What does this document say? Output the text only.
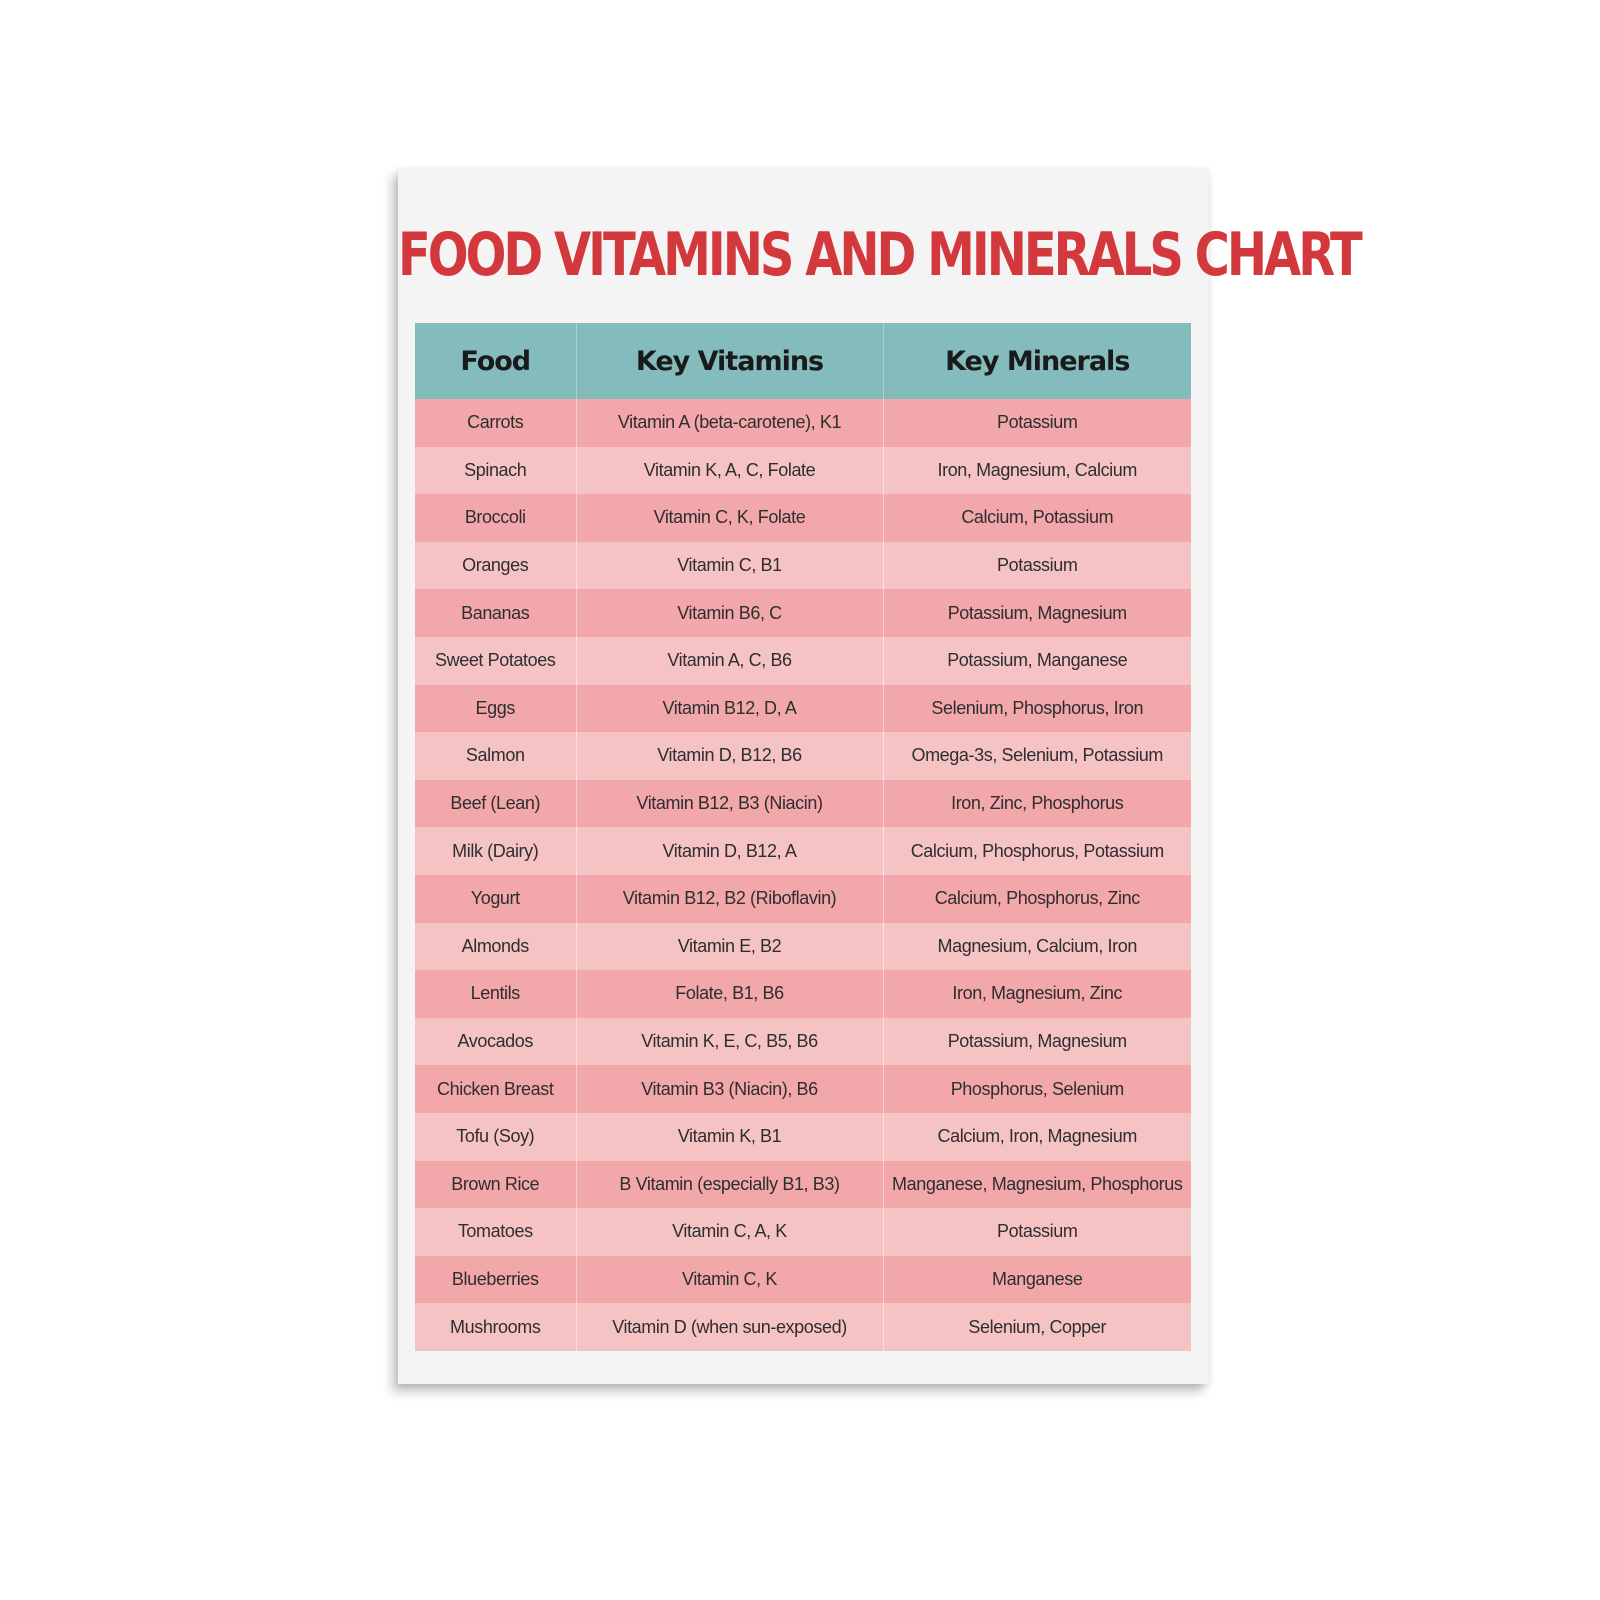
FOOD VITAMINS AND MINERALS CHART
Food	Key Vitamins	Key Minerals
Carrots	Vitamin A (beta-carotene), K1	Potassium
Spinach	Vitamin K, A, C, Folate	Iron, Magnesium, Calcium
Broccoli	Vitamin C, K, Folate	Calcium, Potassium
Oranges	Vitamin C, B1	Potassium
Bananas	Vitamin B6, C	Potassium, Magnesium
Sweet Potatoes	Vitamin A, C, B6	Potassium, Manganese
Eggs	Vitamin B12, D, A	Selenium, Phosphorus, Iron
Salmon	Vitamin D, B12, B6	Omega-3s, Selenium, Potassium
Beef (Lean)	Vitamin B12, B3 (Niacin)	Iron, Zinc, Phosphorus
Milk (Dairy)	Vitamin D, B12, A	Calcium, Phosphorus, Potassium
Yogurt	Vitamin B12, B2 (Riboflavin)	Calcium, Phosphorus, Zinc
Almonds	Vitamin E, B2	Magnesium, Calcium, Iron
Lentils	Folate, B1, B6	Iron, Magnesium, Zinc
Avocados	Vitamin K, E, C, B5, B6	Potassium, Magnesium
Chicken Breast	Vitamin B3 (Niacin), B6	Phosphorus, Selenium
Tofu (Soy)	Vitamin K, B1	Calcium, Iron, Magnesium
Brown Rice	B Vitamin (especially B1, B3)	Manganese, Magnesium, Phosphorus
Tomatoes	Vitamin C, A, K	Potassium
Blueberries	Vitamin C, K	Manganese
Mushrooms	Vitamin D (when sun-exposed)	Selenium, Copper
